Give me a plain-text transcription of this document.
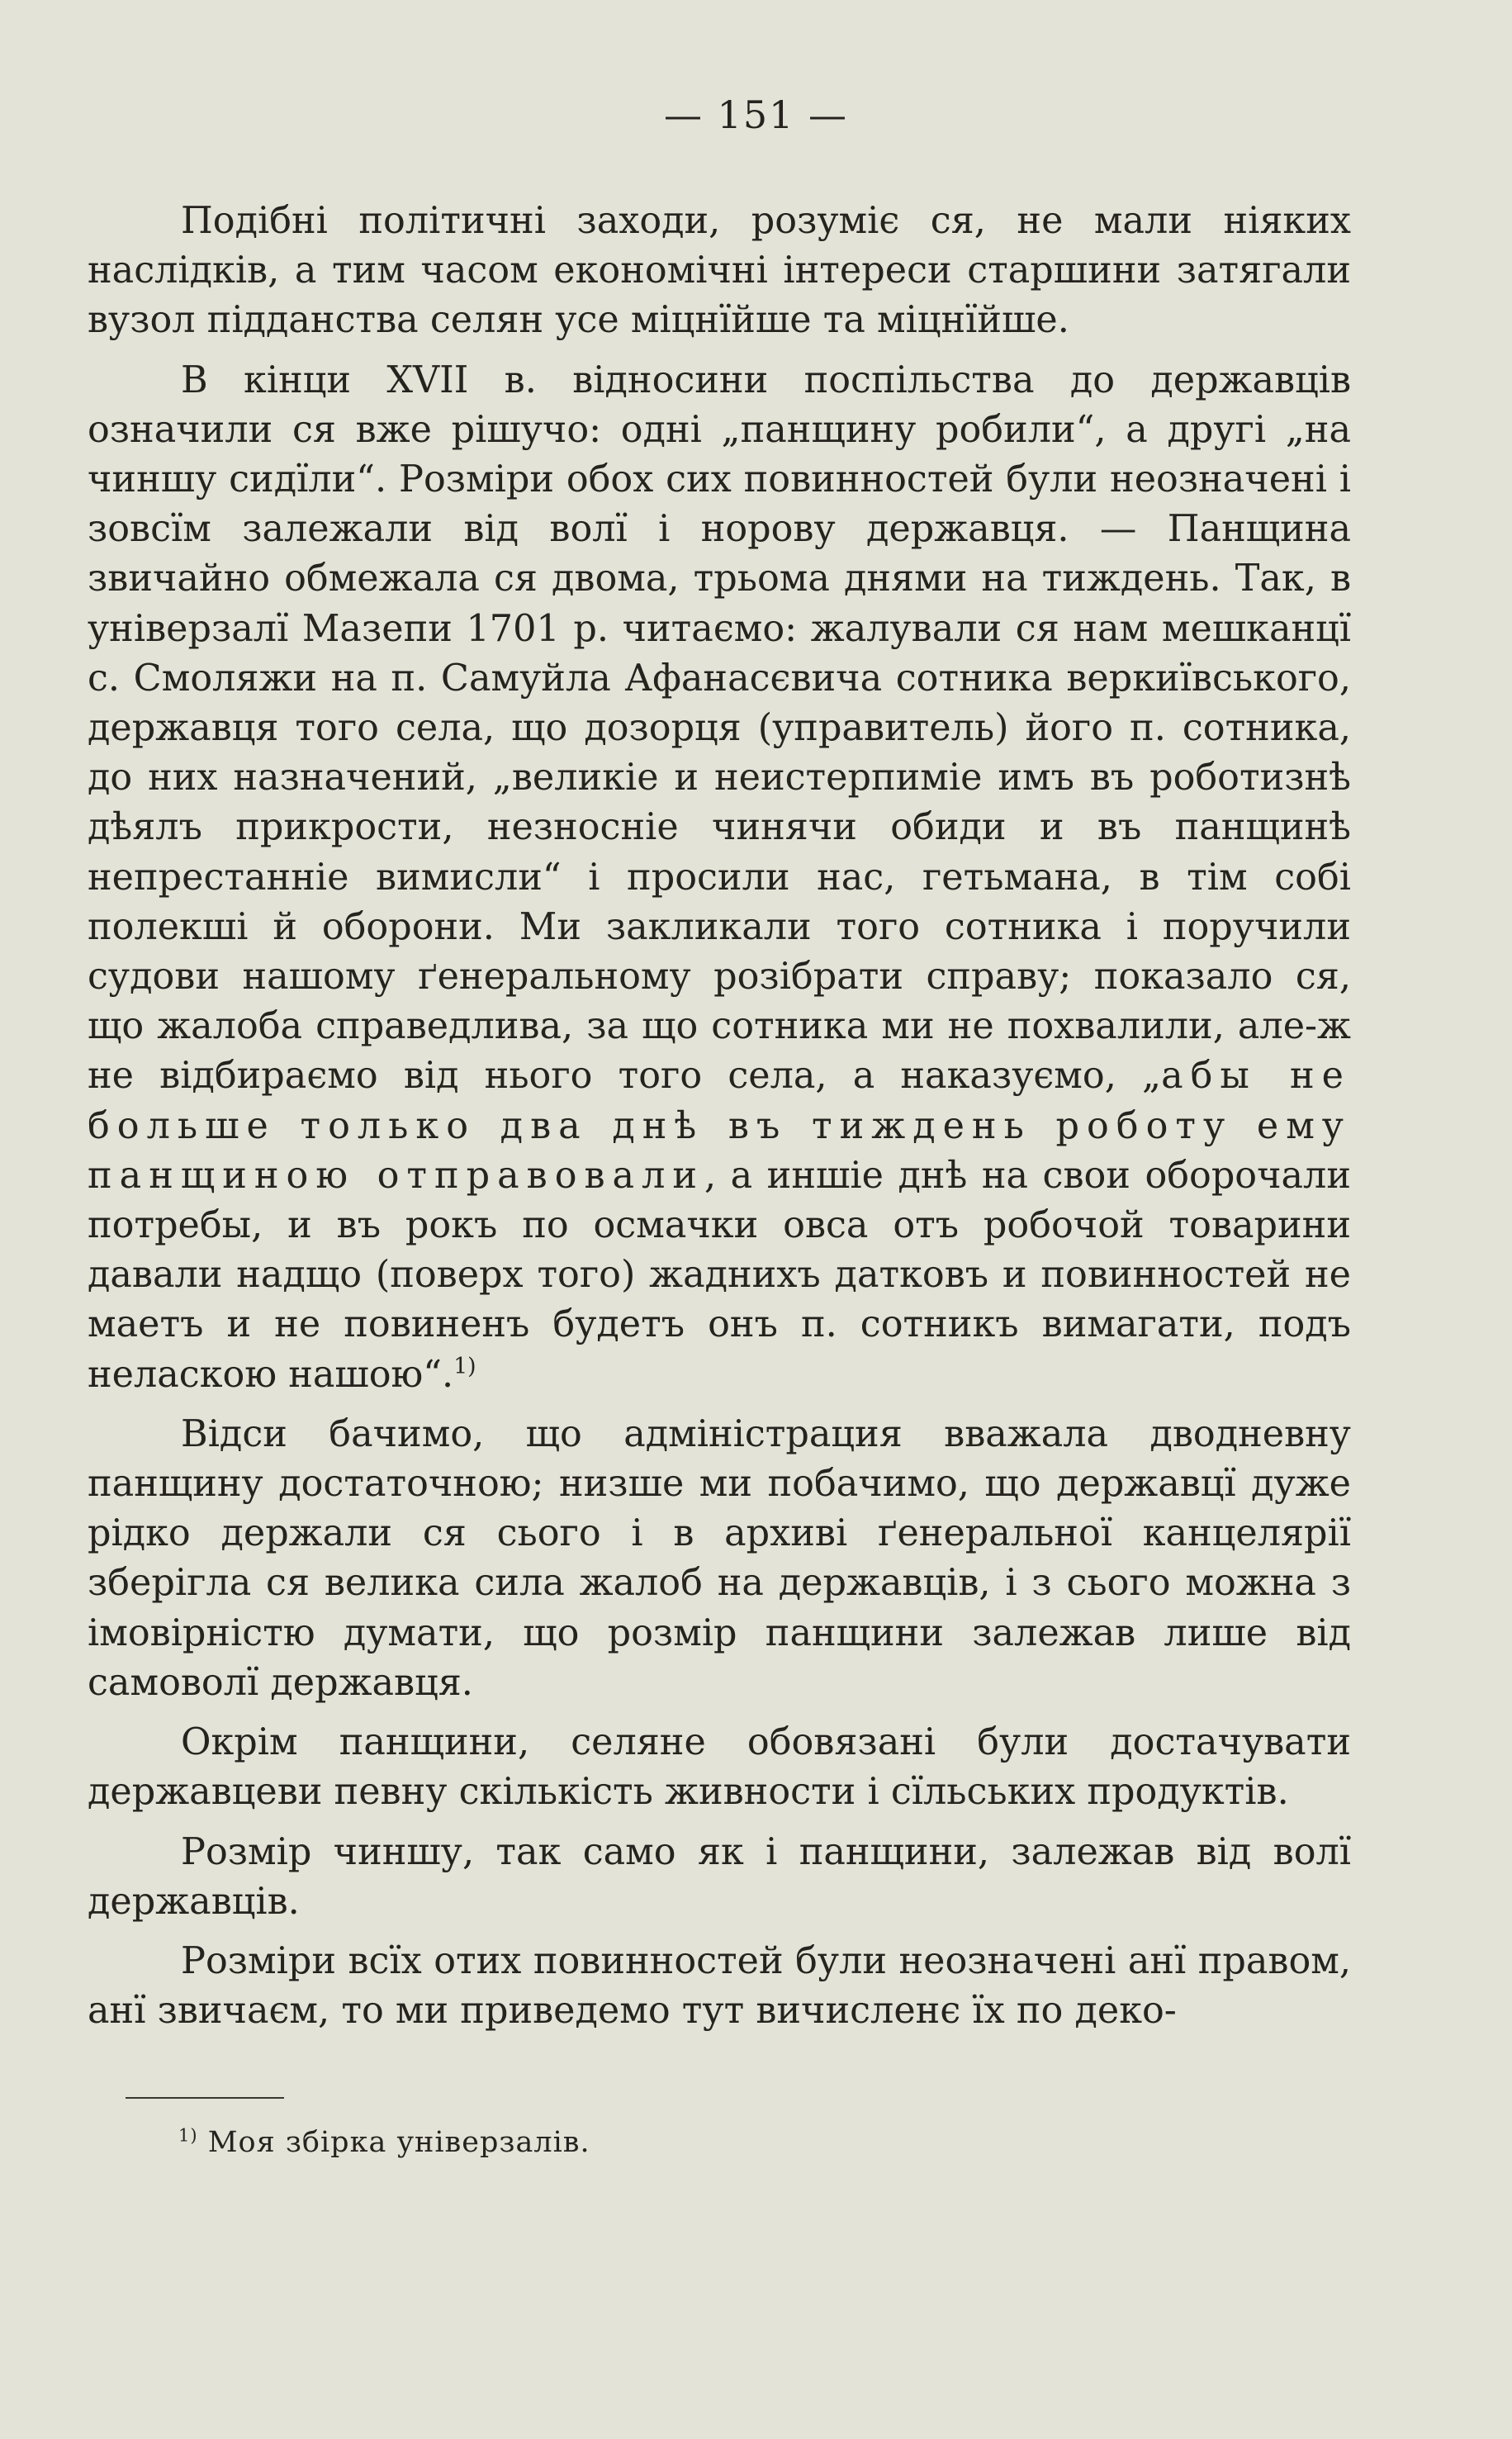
— 151 —

Подібні політичні заходи, розуміє ся, не мали ніяких наслідків, а тим часом економічні інтереси старшини затягали вузол підданства селян усе міцнїйше та міцнїйше.

В кінци XVII в. відносини поспільства до державців означили ся вже рішучо: одні „панщину робили“, а другі „на чиншу сидїли“. Розміри обох сих повинностей були неозначені і зовсїм залежали від волї і норову державця. — Панщина звичайно обмежала ся двома, трьома днями на тиждень. Так, в універзалї Мазепи 1701 р. читаємо: жалували ся нам мешканцї с. Смоляжи на п. Самуйла Афанасєвича сотника веркиївського, державця того села, що дозорця (управитель) його п. сотника, до них назначений, „великіе и неистерпиміе имъ въ роботизнѣ дѣялъ прикрости, незносніе чинячи обиди и въ панщинѣ непрестанніе вимисли“ і просили нас, гетьмана, в тім собі полекші й оборони. Ми закликали того сотника і поручили судови нашому ґенеральному розібрати справу; показало ся, що жалоба справедлива, за що сотника ми не похвалили, але-ж не відбираємо від нього того села, а наказуємо, „абы не больше только два днѣ въ тиждень роботу ему панщиною отправовали, а иншіе днѣ на свои оборочали потребы, и въ рокъ по осмачки овса отъ робочой товарини давали надщо (поверх того) жаднихъ датковъ и повинностей не маетъ и не повиненъ будетъ онъ п. сотникъ вимагати, подъ неласкою нашою“.$^{1)}$

Відси бачимо, що адмініcтрация вважала дводневну панщину достаточною; низше ми побачимо, що державцї дуже рідко держали ся сього і в архиві ґенеральної канцелярії зберігла ся велика сила жалоб на державців, і з сього можна з імовірністю думати, що розмір панщини залежав лише від самоволї державця.

Окрім панщини, селяне обовязані були достачувати державцеви певну скількість живности і сїльських продуктів.

Розмір чиншу, так само як і панщини, залежав від волї державців.

Розміри всїх отих повинностей були неозначені анї правом, анї звичаєм, то ми приведемо тут вичисленє їх по деко-

$^{1)}$ Моя збірка універзалів.
